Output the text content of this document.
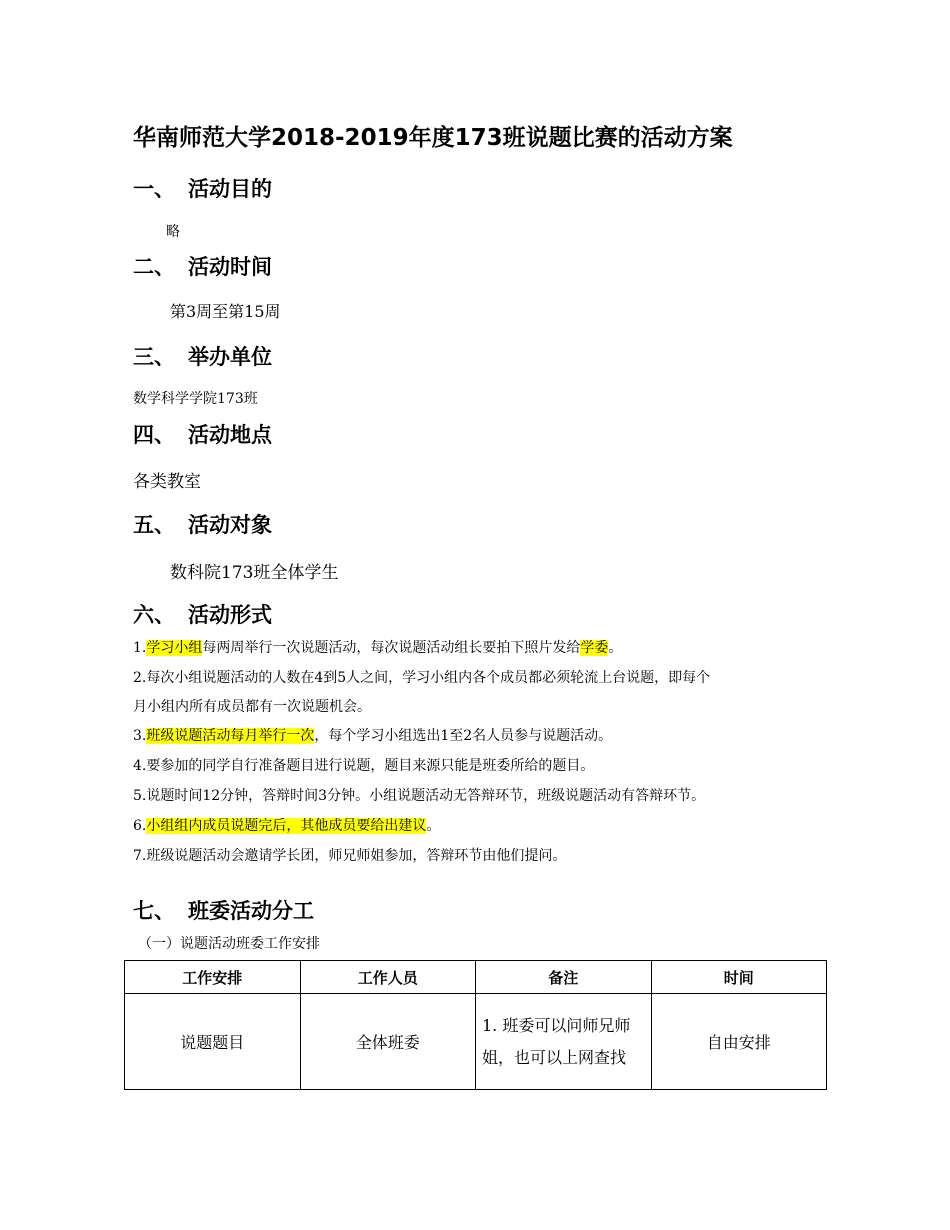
华南师范大学2018-2019年度173班说题比赛的活动方案
一、 活动目的
略
二、 活动时间
第3周至第15周
三、 举办单位
数学科学学院173班
四、 活动地点
各类教室
五、 活动对象
数科院173班全体学生
六、 活动形式
1.学习小组每两周举行一次说题活动，每次说题活动组长要拍下照片发给学委。
2.每次小组说题活动的人数在4到5人之间，学习小组内各个成员都必须轮流上台说题，即每个
月小组内所有成员都有一次说题机会。
3.班级说题活动每月举行一次，每个学习小组选出1至2名人员参与说题活动。
4.要参加的同学自行准备题目进行说题，题目来源只能是班委所给的题目。
5.说题时间12分钟，答辩时间3分钟。小组说题活动无答辩环节，班级说题活动有答辩环节。
6.小组组内成员说题完后，其他成员要给出建议。
7.班级说题活动会邀请学长团，师兄师姐参加，答辩环节由他们提问。
七、 班委活动分工
（一）说题活动班委工作安排
工作安排	工作人员	备注	时间
说题题目	全体班委	1. 班委可以问师兄师姐，也可以上网查找	自由安排
